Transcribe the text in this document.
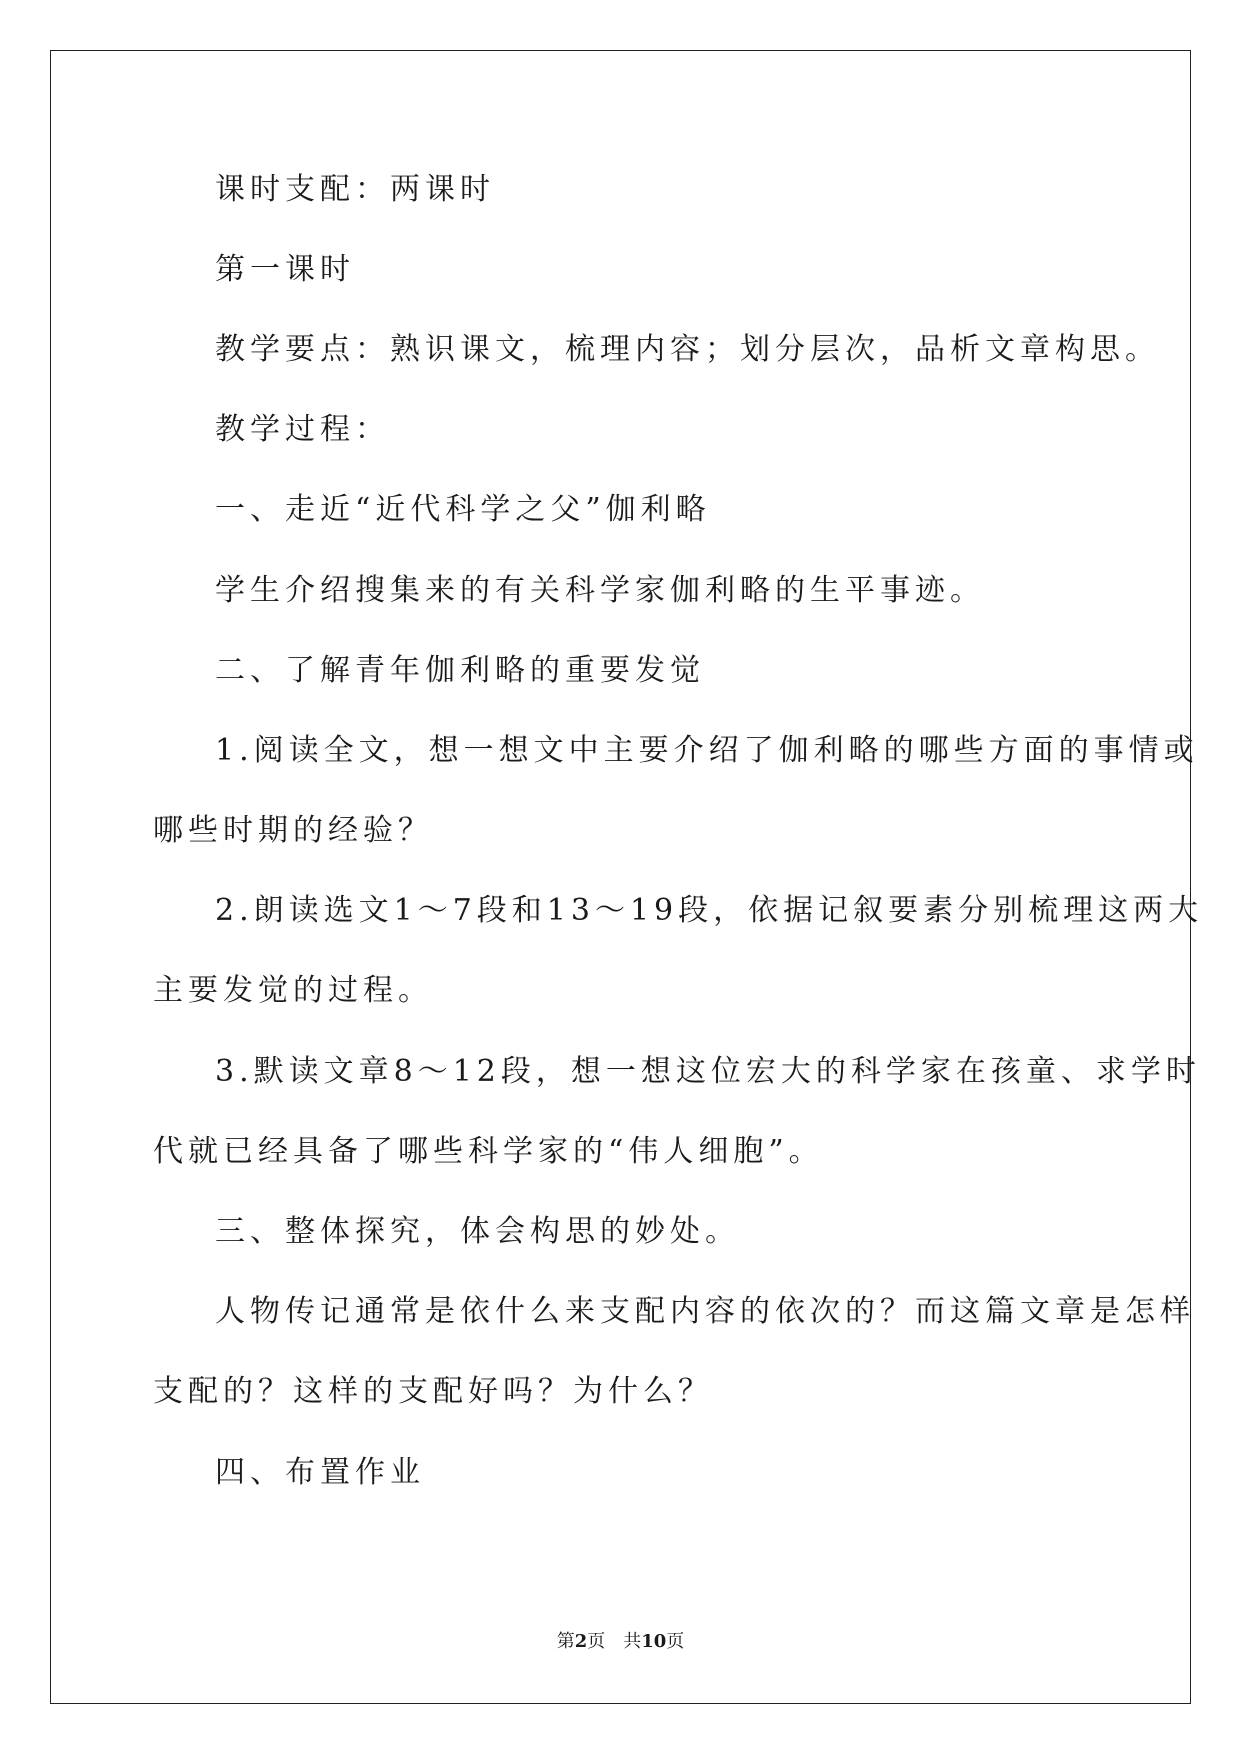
课时支配：两课时
第一课时
教学要点：熟识课文，梳理内容；划分层次，品析文章构思。
教学过程：
一、走近“近代科学之父”伽利略
学生介绍搜集来的有关科学家伽利略的生平事迹。
二、了解青年伽利略的重要发觉
1.阅读全文，想一想文中主要介绍了伽利略的哪些方面的事情或
哪些时期的经验？
2.朗读选文1～7段和13～19段，依据记叙要素分别梳理这两大
主要发觉的过程。
3.默读文章8～12段，想一想这位宏大的科学家在孩童、求学时
代就已经具备了哪些科学家的“伟人细胞”。
三、整体探究，体会构思的妙处。
人物传记通常是依什么来支配内容的依次的？而这篇文章是怎样
支配的？这样的支配好吗？为什么？
四、布置作业
第2页 共10页
